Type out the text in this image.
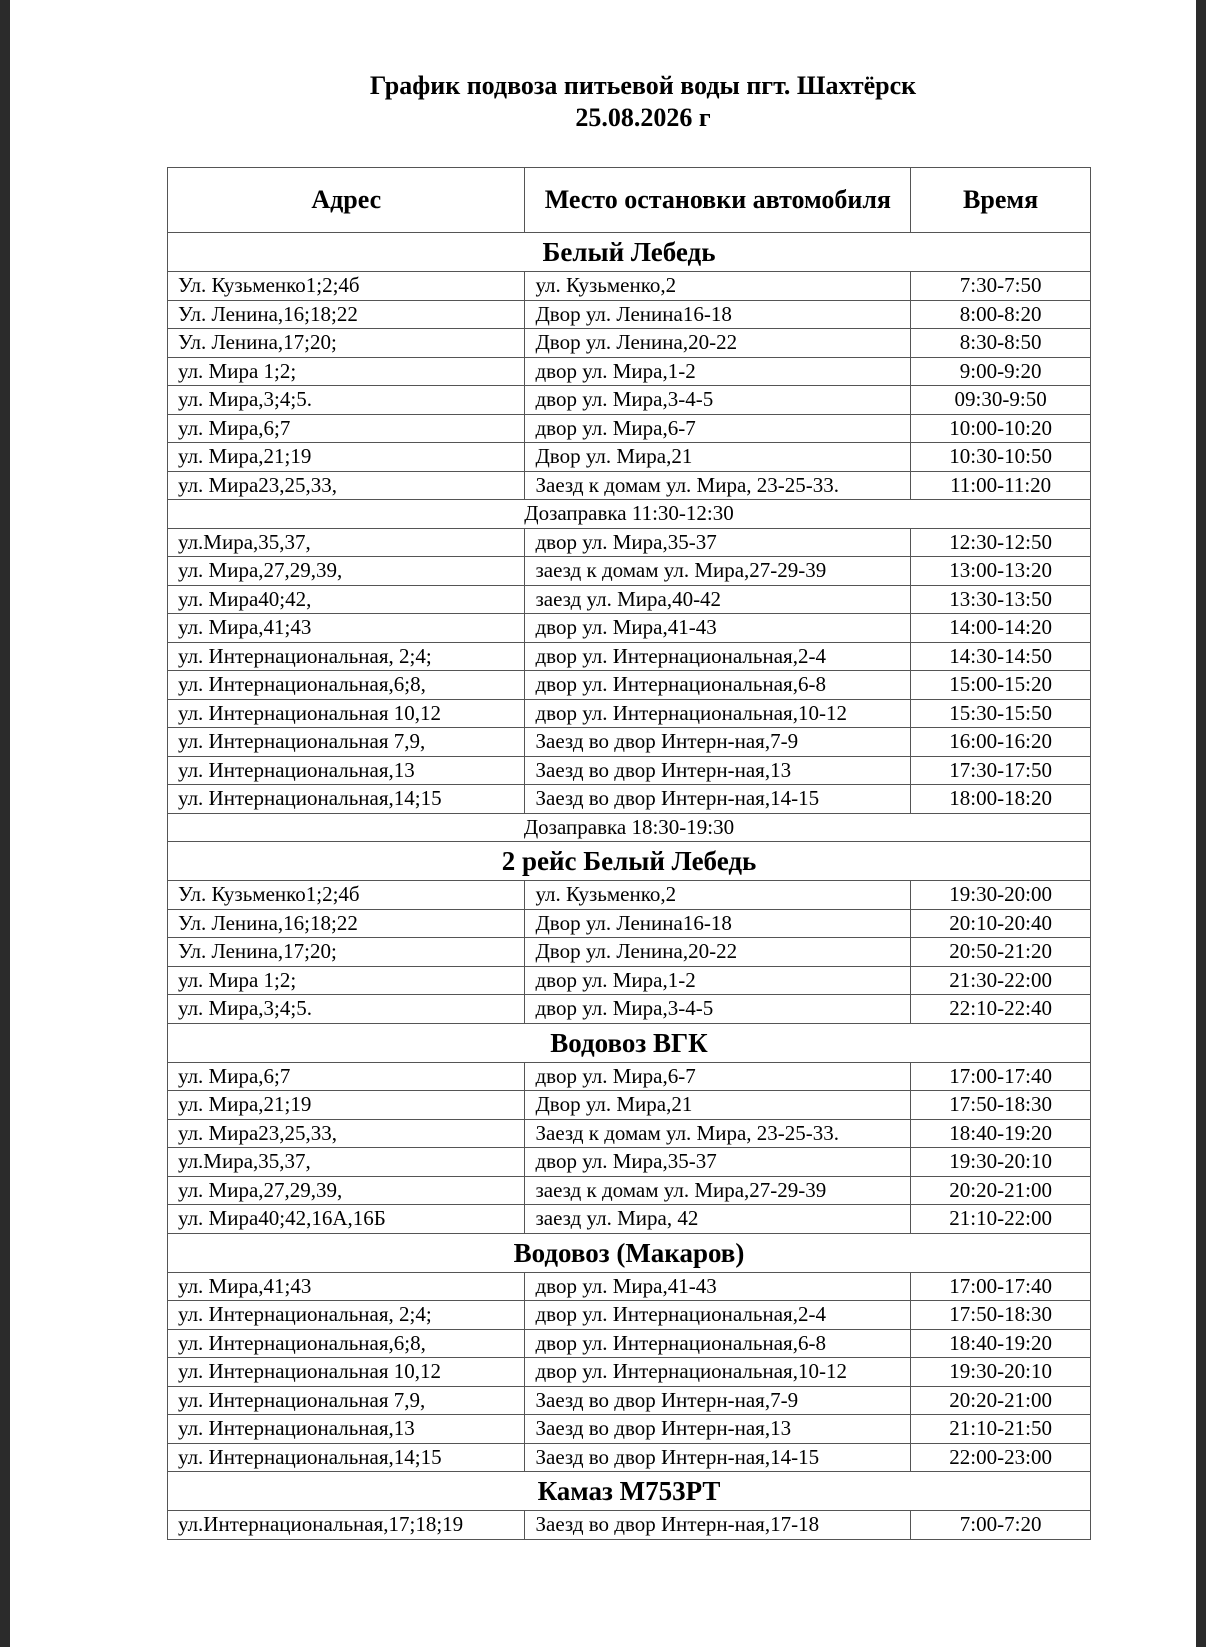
График подвоза питьевой воды пгт. Шахтёрск
25.08.2026 г
Адрес	Место остановки автомобиля	Время
Белый Лебедь		
Ул. Кузьменко1;2;4б	ул. Кузьменко,2	7:30-7:50
Ул. Ленина,16;18;22	Двор ул. Ленина16-18	8:00-8:20
Ул. Ленина,17;20;	Двор ул. Ленина,20-22	8:30-8:50
ул. Мира 1;2;	двор ул. Мира,1-2	9:00-9:20
ул. Мира,3;4;5.	двор ул. Мира,3-4-5	09:30-9:50
ул. Мира,6;7	двор ул. Мира,6-7	10:00-10:20
ул. Мира,21;19	Двор ул. Мира,21	10:30-10:50
ул. Мира23,25,33,	Заезд к домам ул. Мира, 23-25-33.	11:00-11:20
Дозаправка 11:30-12:30		
ул.Мира,35,37,	двор ул. Мира,35-37	12:30-12:50
ул. Мира,27,29,39,	заезд к домам ул. Мира,27-29-39	13:00-13:20
ул. Мира40;42,	заезд ул. Мира,40-42	13:30-13:50
ул. Мира,41;43	двор ул. Мира,41-43	14:00-14:20
ул. Интернациональная, 2;4;	двор ул. Интернациональная,2-4	14:30-14:50
ул. Интернациональная,6;8,	двор ул. Интернациональная,6-8	15:00-15:20
ул. Интернациональная 10,12	двор ул. Интернациональная,10-12	15:30-15:50
ул. Интернациональная 7,9,	Заезд во двор Интерн-ная,7-9	16:00-16:20
ул. Интернациональная,13	Заезд во двор Интерн-ная,13	17:30-17:50
ул. Интернациональная,14;15	Заезд во двор Интерн-ная,14-15	18:00-18:20
Дозаправка 18:30-19:30		
2 рейс Белый Лебедь		
Ул. Кузьменко1;2;4б	ул. Кузьменко,2	19:30-20:00
Ул. Ленина,16;18;22	Двор ул. Ленина16-18	20:10-20:40
Ул. Ленина,17;20;	Двор ул. Ленина,20-22	20:50-21:20
ул. Мира 1;2;	двор ул. Мира,1-2	21:30-22:00
ул. Мира,3;4;5.	двор ул. Мира,3-4-5	22:10-22:40
Водовоз ВГК		
ул. Мира,6;7	двор ул. Мира,6-7	17:00-17:40
ул. Мира,21;19	Двор ул. Мира,21	17:50-18:30
ул. Мира23,25,33,	Заезд к домам ул. Мира, 23-25-33.	18:40-19:20
ул.Мира,35,37,	двор ул. Мира,35-37	19:30-20:10
ул. Мира,27,29,39,	заезд к домам ул. Мира,27-29-39	20:20-21:00
ул. Мира40;42,16А,16Б	заезд ул. Мира, 42	21:10-22:00
Водовоз (Макаров)		
ул. Мира,41;43	двор ул. Мира,41-43	17:00-17:40
ул. Интернациональная, 2;4;	двор ул. Интернациональная,2-4	17:50-18:30
ул. Интернациональная,6;8,	двор ул. Интернациональная,6-8	18:40-19:20
ул. Интернациональная 10,12	двор ул. Интернациональная,10-12	19:30-20:10
ул. Интернациональная 7,9,	Заезд во двор Интерн-ная,7-9	20:20-21:00
ул. Интернациональная,13	Заезд во двор Интерн-ная,13	21:10-21:50
ул. Интернациональная,14;15	Заезд во двор Интерн-ная,14-15	22:00-23:00
Камаз М753РТ		
ул.Интернациональная,17;18;19	Заезд во двор Интерн-ная,17-18	7:00-7:20
